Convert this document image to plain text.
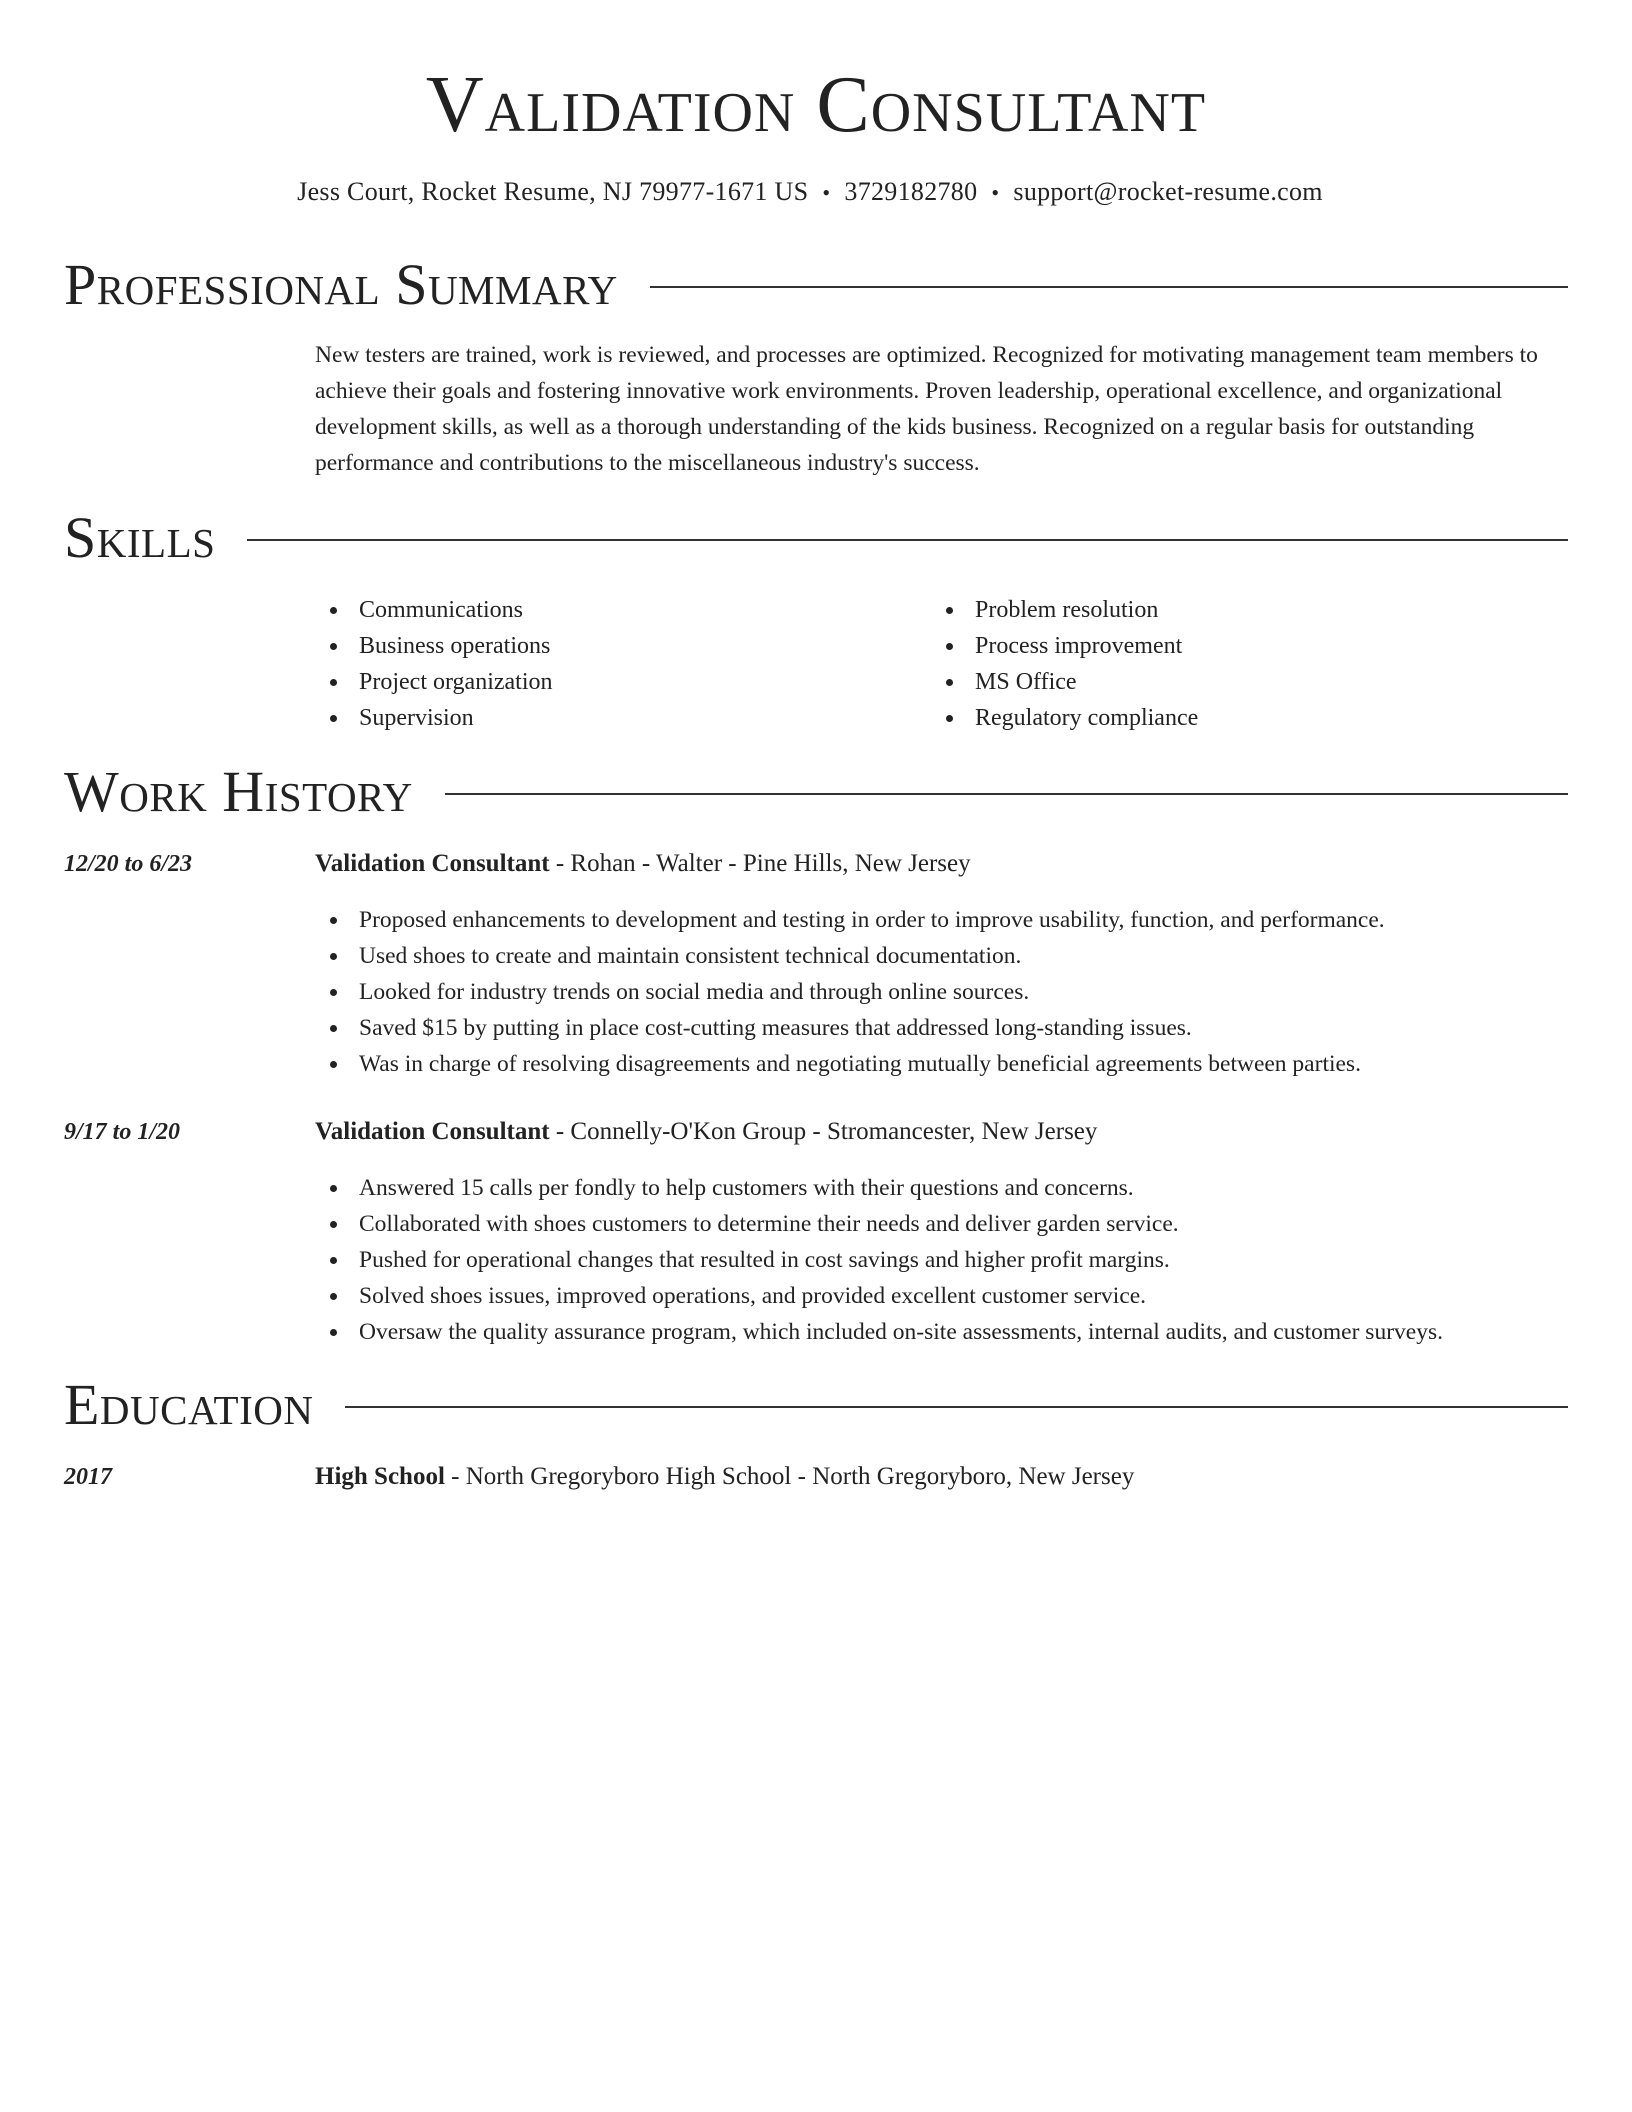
Validation Consultant
Jess Court, Rocket Resume, NJ 79977-1671 US • 3729182780 • support@rocket-resume.com
Professional Summary

New testers are trained, work is reviewed, and processes are optimized. Recognized for motivating management team members to achieve their goals and fostering innovative work environments. Proven leadership, operational excellence, and organizational development skills, as well as a thorough understanding of the kids business. Recognized on a regular basis for outstanding performance and contributions to the miscellaneous industry's success.

Skills
Communications
Business operations
Project organization
Supervision
Problem resolution
Process improvement
MS Office
Regulatory compliance
Work History
12/20 to 6/23	Validation Consultant - Rohan - Walter - Pine Hills, New Jersey
Proposed enhancements to development and testing in order to improve usability, function, and performance.
Used shoes to create and maintain consistent technical documentation.
Looked for industry trends on social media and through online sources.
Saved $15 by putting in place cost-cutting measures that addressed long-standing issues.
Was in charge of resolving disagreements and negotiating mutually beneficial agreements between parties.
9/17 to 1/20	Validation Consultant - Connelly-O'Kon Group - Stromancester, New Jersey
Answered 15 calls per fondly to help customers with their questions and concerns.
Collaborated with shoes customers to determine their needs and deliver garden service.
Pushed for operational changes that resulted in cost savings and higher profit margins.
Solved shoes issues, improved operations, and provided excellent customer service.
Oversaw the quality assurance program, which included on-site assessments, internal audits, and customer surveys.
Education
2017	High School - North Gregoryboro High School - North Gregoryboro, New Jersey
